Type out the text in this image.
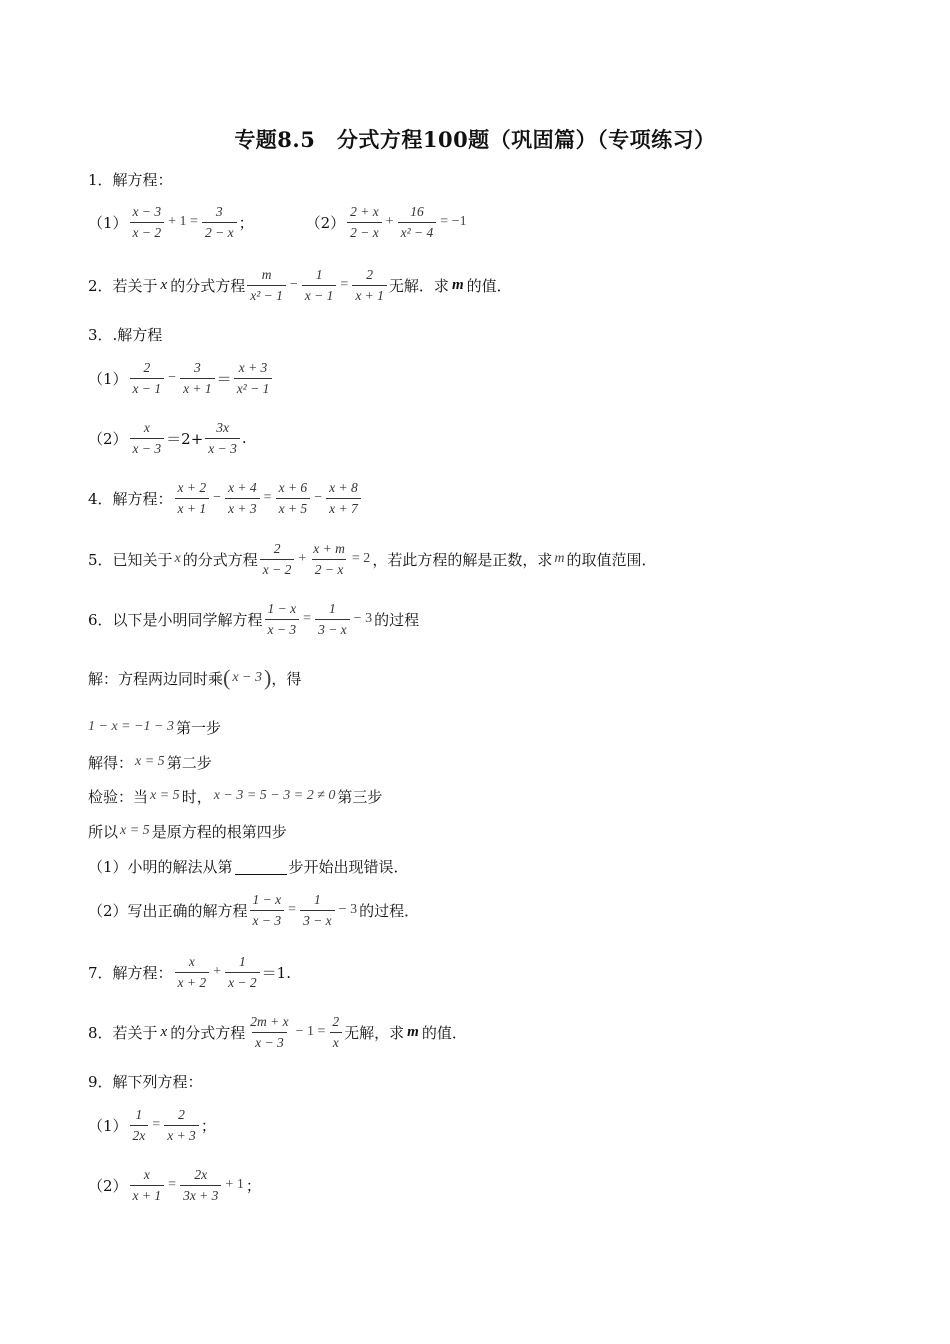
专题8.5　分式方程100题（巩固篇）（专项练习）
1．解方程：
$(1) \frac{x - 3}{x - 2} + 1 = \frac{3}{2 - x}$ ；	$(2) \frac{2 + x}{2 - x} + \frac{16}{\text{x² − 4}} = -1$
2．若关于 x 的分式方程 $\frac{m}{\text{x² − 1}} - \frac{1}{x - 1} = \frac{2}{x + 1}$ 无解．求 m 的值．
3．.解方程
$(1) \frac{2}{x - 1} - \frac{3}{x + 1} = \frac{x + 3}{\text{x² − 1}}$
$(2) \frac{x}{x - 3} =2+ \frac{3x}{x - 3}$ .
4．解方程： $\frac{x + 2}{x + 1} - \frac{x + 4}{x + 3} = \frac{x + 6}{x + 5} - \frac{x + 8}{x + 7}$
5．已知关于 x 的分式方程 $\frac{2}{x - 2} + \frac{x + m}{2 - x} = 2$ ，若此方程的解是正数，求 m 的取值范围．
6．以下是小明同学解方程 $\frac{1 - x}{x - 3} = \frac{1}{3 - x} - 3$ 的过程
解：方程两边同时乘 ( x − 3 ) ，得
1 − x = −1 − 3 第一步
解得： x = 5 第二步
检验：当 x = 5 时， x − 3 = 5 − 3 = 2 ≠ 0 第三步
所以 x = 5 是原方程的根第四步
（1）小明的解法从第	步开始出现错误．
（2）写出正确的解方程 $\frac{1 - x}{x - 3} = \frac{1}{3 - x} - 3$ 的过程．
7．解方程： $\frac{x}{x + 2} + \frac{1}{x - 2} =1$.
8．若关于 x 的分式方程 $\frac{2m + x}{x - 3} - 1 = \frac{2}{x}$ 无解，求 m 的值．
9．解下列方程：
$(1) \frac{1}{2x} = \frac{2}{x + 3}$ ；
$(2) \frac{x}{x + 1} = \frac{2x}{3x + 3} + 1$ ；
